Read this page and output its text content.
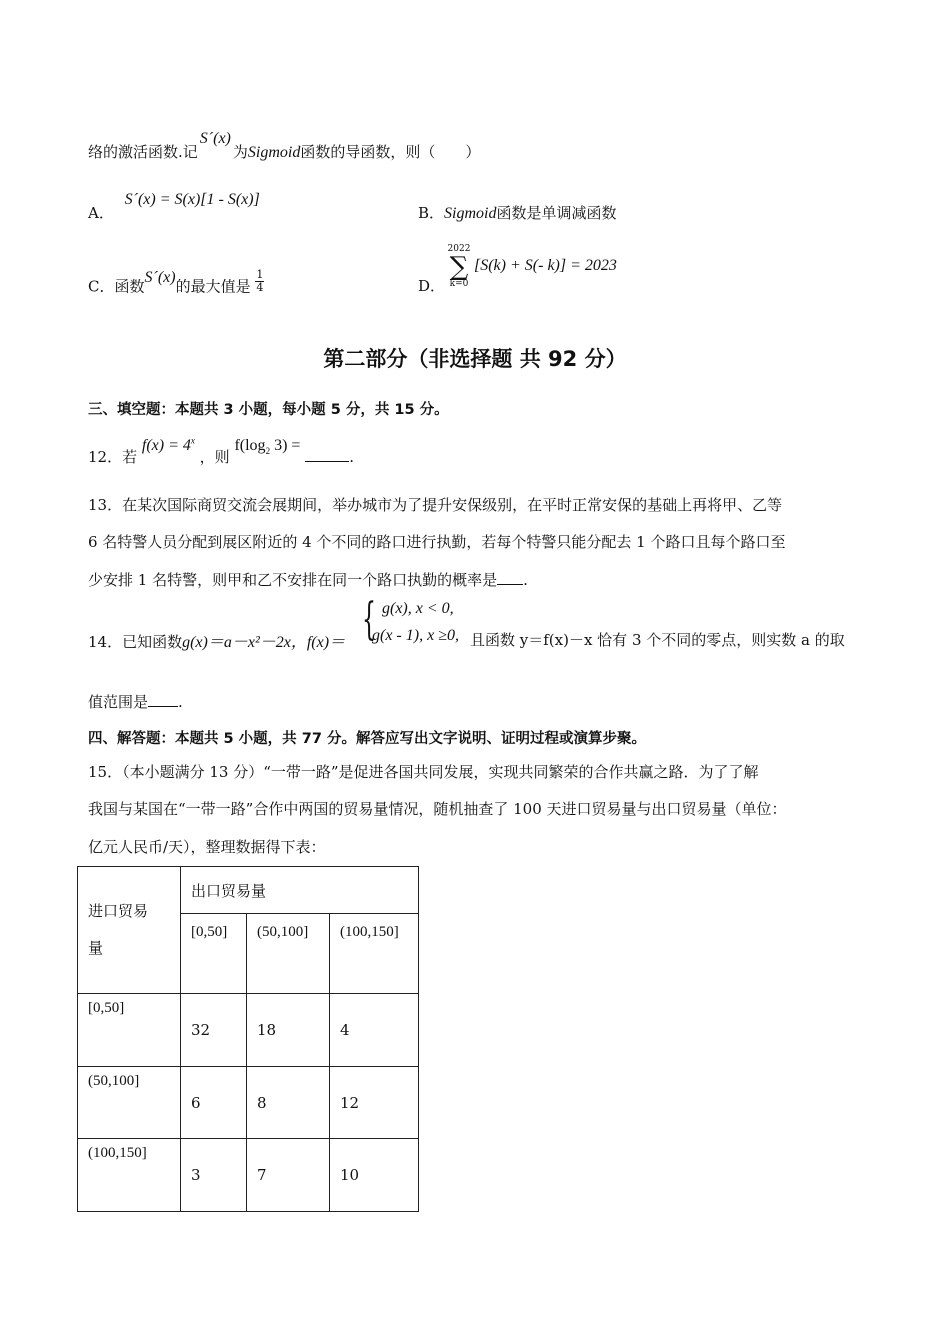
络的激活函数.记S´(x)为Sigmoid函数的导函数，则（　　）
A． S´(x) = S(x)[1 - S(x)]
B．Sigmoid函数是单调减函数
C．函数S´(x)的最大值是 $\frac{1}{4}$	D．
2022
∑
k=0
[S(k) + S(- k)] = 2023
第二部分（非选择题 共 92 分）
三、填空题：本题共 3 小题，每小题 5 分，共 15 分。
12．若 $f(x) = 4^x$ ，则 $f(\log_2$ 3) = .
13．在某次国际商贸交流会展期间，举办城市为了提升安保级别，在平时正常安保的基础上再将甲、乙等
6 名特警人员分配到展区附近的 4 个不同的路口进行执勤，若每个特警只能分配去 1 个路口且每个路口至
少安排 1 名特警，则甲和乙不安排在同一个路口执勤的概率是 .
14．已知函数g(x)＝a－x²－2x，f(x)＝ { g(x), x < 0,
g(x - 1), x ≥0, 且函数 y＝f(x)－x 恰有 3 个不同的零点，则实数 a 的取
值范围是 .
四、解答题：本题共 5 小题，共 77 分。解答应写出文字说明、证明过程或演算步聚。
15．（本小题满分 13 分）“一带一路”是促进各国共同发展，实现共同繁荣的合作共赢之路．为了了解
我国与某国在“一带一路”合作中两国的贸易量情况，随机抽查了 100 天进口贸易量与出口贸易量（单位：
亿元人民币/天），整理数据得下表：
进口贸易
量	出口贸易量		
	[0,50]	(50,100]	(100,150]
[0,50]	32	18	4
(50,100]	6	8	12
(100,150]	3	7	10
